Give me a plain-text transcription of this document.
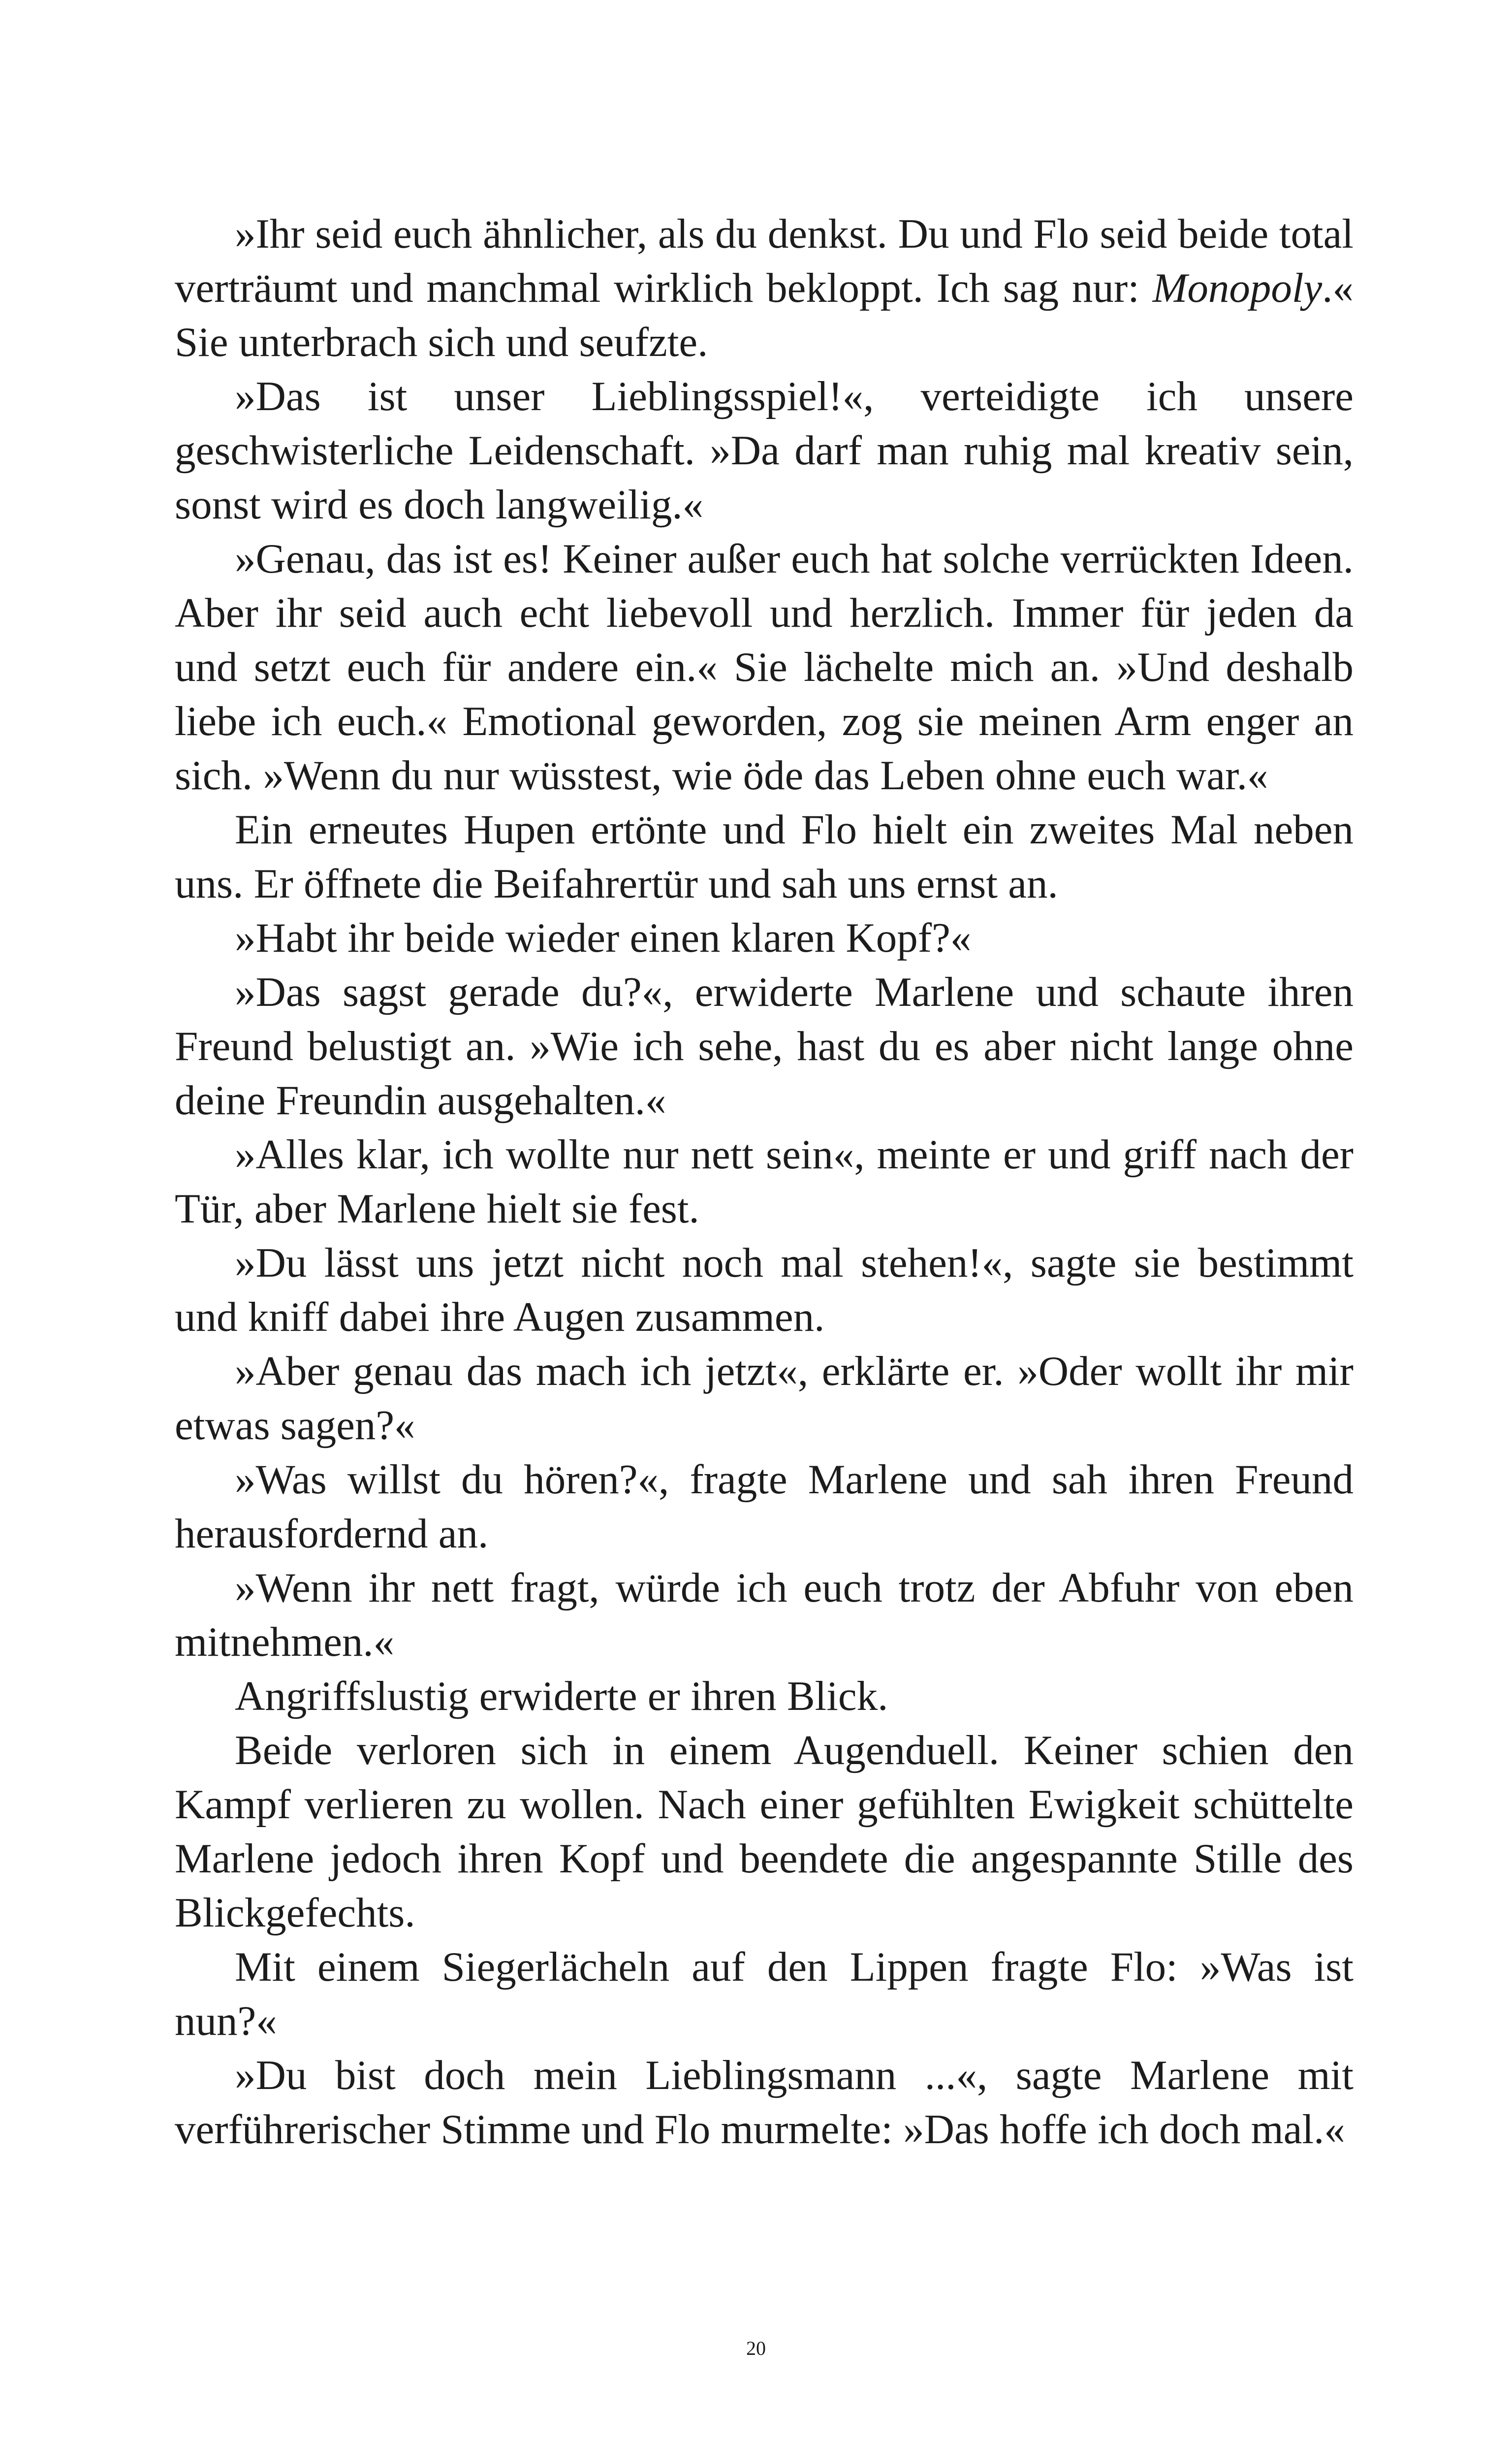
»Ihr seid euch ähnlicher, als du denkst. Du und Flo seid beide total verträumt und manchmal wirklich bekloppt. Ich sag nur: Monopoly.« Sie unterbrach sich und seufzte.

»Das ist unser Lieblingsspiel!«, verteidigte ich unsere geschwisterliche Leidenschaft. »Da darf man ruhig mal kreativ sein, sonst wird es doch langweilig.«

»Genau, das ist es! Keiner außer euch hat solche verrückten Ideen. Aber ihr seid auch echt liebevoll und herzlich. Immer für jeden da und setzt euch für andere ein.« Sie lächelte mich an. »Und deshalb liebe ich euch.« Emotional geworden, zog sie meinen Arm enger an sich. »Wenn du nur wüsstest, wie öde das Leben ohne euch war.«

Ein erneutes Hupen ertönte und Flo hielt ein zweites Mal neben uns. Er öffnete die Beifahrertür und sah uns ernst an.

»Habt ihr beide wieder einen klaren Kopf?«

»Das sagst gerade du?«, erwiderte Marlene und schaute ihren Freund belustigt an. »Wie ich sehe, hast du es aber nicht lange ohne deine Freundin ausgehalten.«

»Alles klar, ich wollte nur nett sein«, meinte er und griff nach der Tür, aber Marlene hielt sie fest.

»Du lässt uns jetzt nicht noch mal stehen!«, sagte sie bestimmt und kniff dabei ihre Augen zusammen.

»Aber genau das mach ich jetzt«, erklärte er. »Oder wollt ihr mir etwas sagen?«

»Was willst du hören?«, fragte Marlene und sah ihren Freund herausfordernd an.

»Wenn ihr nett fragt, würde ich euch trotz der Abfuhr von eben mitnehmen.«

Angriffslustig erwiderte er ihren Blick.

Beide verloren sich in einem Augenduell. Keiner schien den Kampf verlieren zu wollen. Nach einer gefühlten Ewigkeit schüttelte Marlene jedoch ihren Kopf und beendete die angespannte Stille des Blickgefechts.

Mit einem Siegerlächeln auf den Lippen fragte Flo: »Was ist nun?«

»Du bist doch mein Lieblingsmann ...«, sagte Marlene mit verführerischer Stimme und Flo murmelte: »Das hoffe ich doch mal.«

20
